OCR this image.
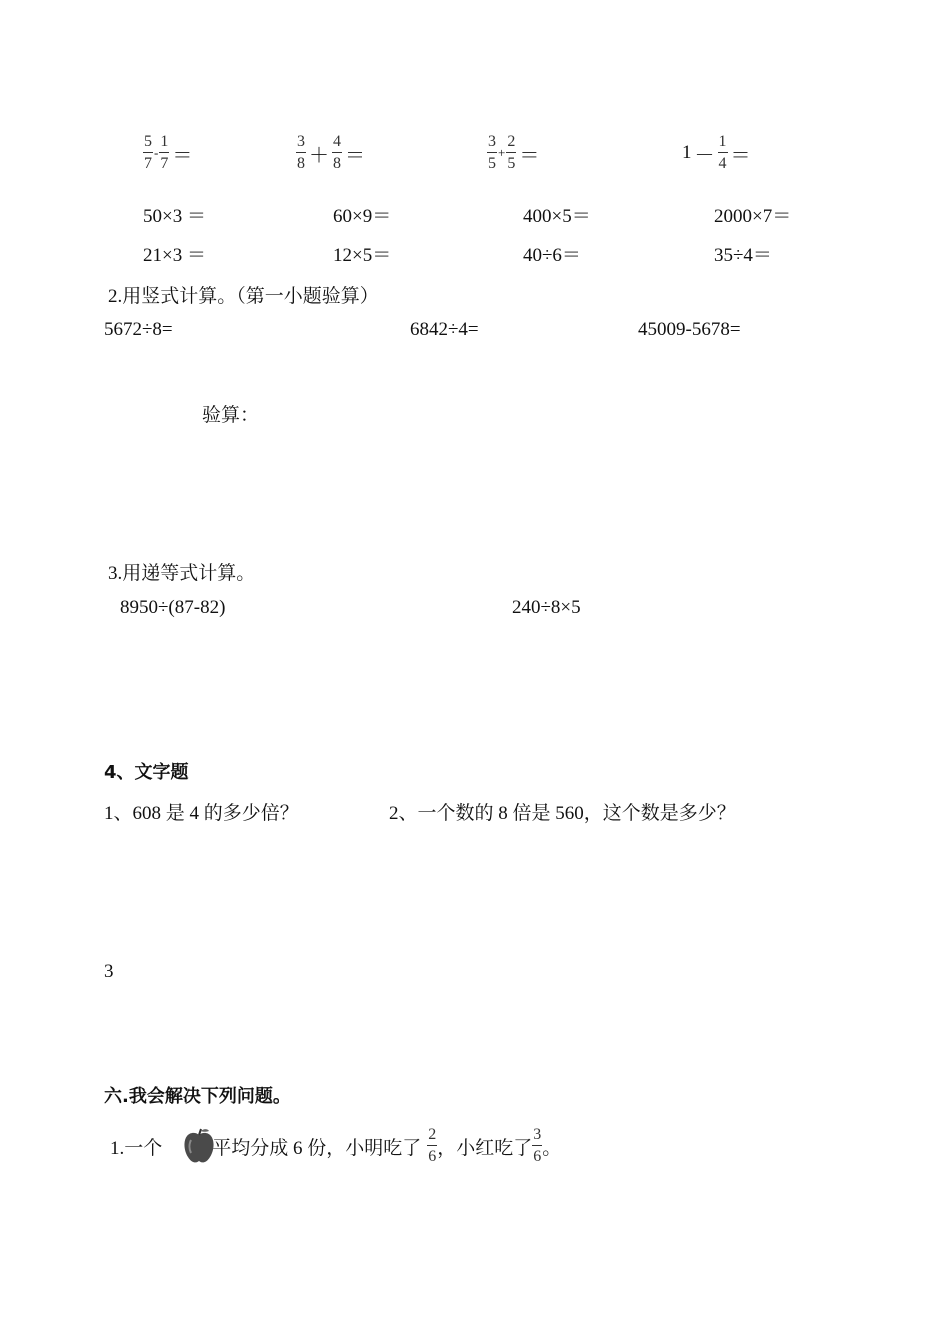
$\frac{5}{7} - \frac{1}{7}$ ＝	$\frac{3}{8} + \frac{4}{8}$ ＝	$\frac{3}{5} + \frac{2}{5}$ ＝	$1 - \frac{1}{4}$ ＝
50×3 ＝	60×9＝	400×5＝	2000×7＝
21×3 ＝	12×5＝	40÷6＝	35÷4＝
2.用竖式计算。（第一小题验算）
5672÷8=	6842÷4=	45009-5678=
验算：
3.用递等式计算。
8950÷(87-82)	240÷8×5
4、文字题
1、608 是 4 的多少倍？	2、一个数的 8 倍是 560，这个数是多少？
3
六.我会解决下列问题。
1.一个	平均分成 6 份，小明吃了 $\frac{2}{6}$ ，小红吃了 $\frac{3}{6}$ 。
